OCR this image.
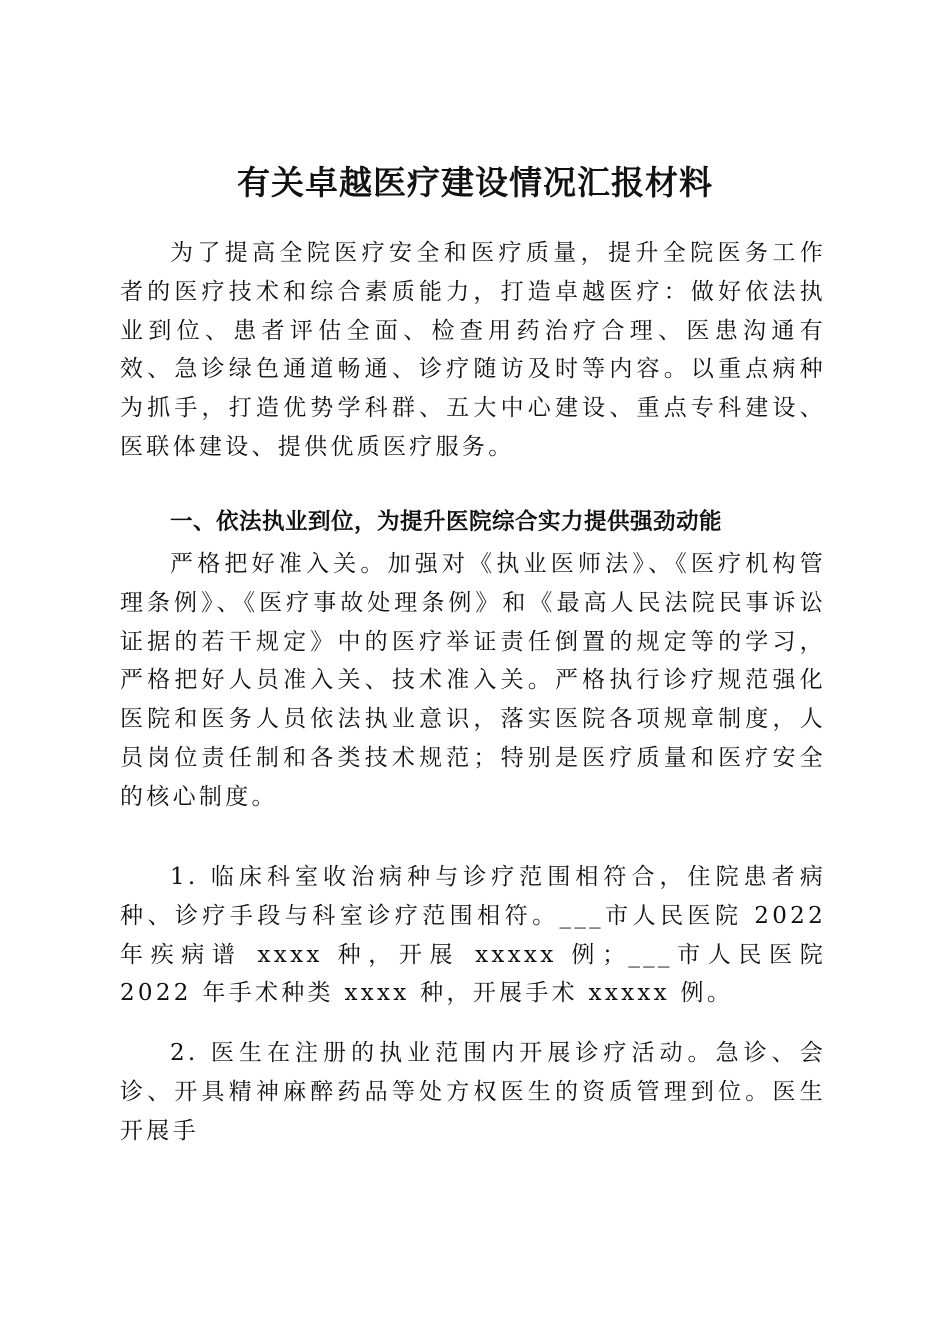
有关卓越医疗建设情况汇报材料

为了提高全院医疗安全和医疗质量，提升全院医务工作者的医疗技术和综合素质能力，打造卓越医疗：做好依法执业到位、患者评估全面、检查用药治疗合理、医患沟通有效、急诊绿色通道畅通、诊疗随访及时等内容。以重点病种为抓手，打造优势学科群、五大中心建设、重点专科建设、医联体建设、提供优质医疗服务。

一、依法执业到位，为提升医院综合实力提供强劲动能

严格把好准入关。加强对《执业医师法》、《医疗机构管理条例》、《医疗事故处理条例》和《最高人民法院民事诉讼证据的若干规定》中的医疗举证责任倒置的规定等的学习，严格把好人员准入关、技术准入关。严格执行诊疗规范强化医院和医务人员依法执业意识，落实医院各项规章制度，人员岗位责任制和各类技术规范；特别是医疗质量和医疗安全的核心制度。

1. 临床科室收治病种与诊疗范围相符合，住院患者病种、诊疗手段与科室诊疗范围相符。___市人民医院 2022 年疾病谱 xxxx 种，开展 xxxxx 例；___市人民医院 2022 年手术种类 xxxx 种，开展手术 xxxxx 例。

2. 医生在注册的执业范围内开展诊疗活动。急诊、会诊、开具精神麻醉药品等处方权医生的资质管理到位。医生开展手
